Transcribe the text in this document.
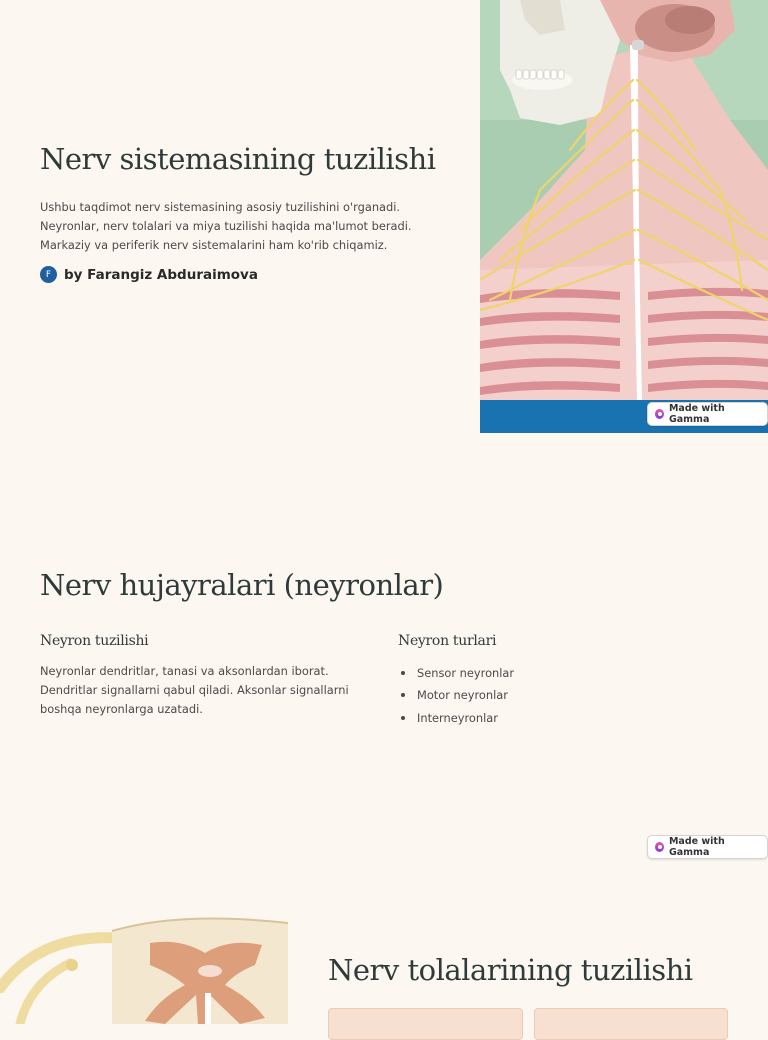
Nerv sistemasining tuzilishi
Ushbu taqdimot nerv sistemasining asosiy tuzilishini o'rganadi. Neyronlar, nerv tolalari va miya tuzilishi haqida ma'lumot beradi. Markaziy va periferik nerv sistemalarini ham ko'rib chiqamiz.
F by Farangiz Abduraimova
Made with Gamma
Nerv hujayralari (neyronlar)
Neyron tuzilishi
Neyronlar dendritlar, tanasi va aksonlardan iborat. Dendritlar signallarni qabul qiladi. Aksonlar signallarni boshqa neyronlarga uzatadi.
Neyron turlari
Sensor neyronlar
Motor neyronlar
Interneyronlar
Made with Gamma
Nerv tolalarining tuzilishi
